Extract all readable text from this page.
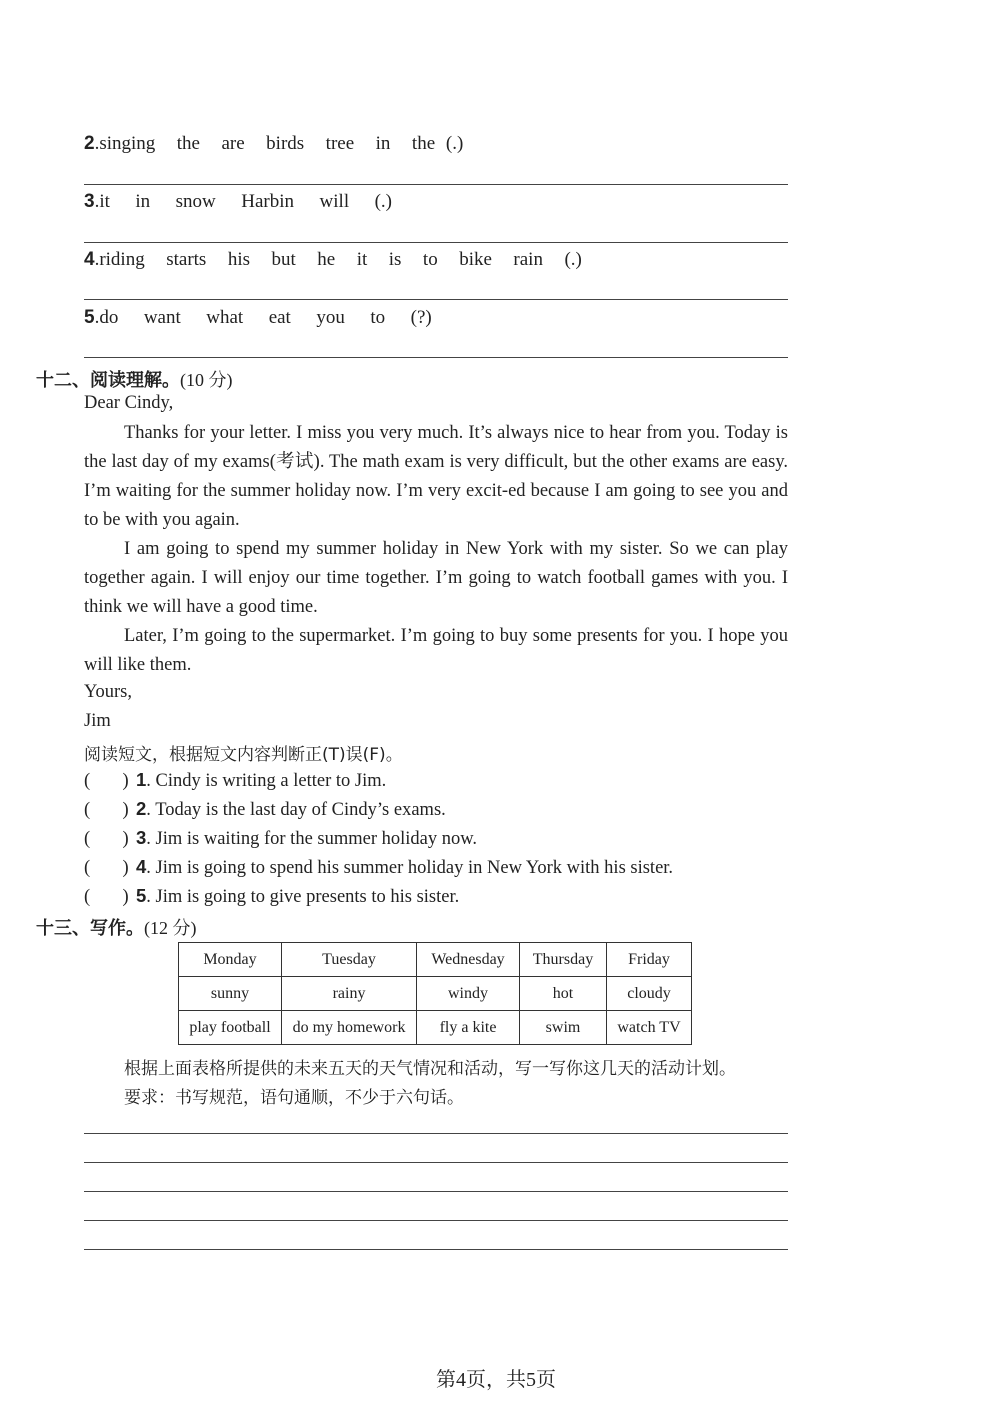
2.singing  the  are  birds  tree  in  the (.)
3.it  in  snow  Harbin  will  (.)
4.riding  starts  his  but  he  it  is  to  bike  rain  (.)
5.do  want  what  eat  you  to  (?)
十二、阅读理解。(10 分)
Dear Cindy,

Thanks for your letter. I miss you very much. It’s always nice to hear from you. Today is the last day of my exams(考试). The math exam is very difficult, but the other exams are easy. I’m waiting for the summer holiday now. I’m very excit-ed because I am going to see you and to be with you again.

I am going to spend my summer holiday in New York with my sister. So we can play together again. I will enjoy our time together. I’m going to watch football games with you. I think we will have a good time.

Later, I’m going to the supermarket. I’m going to buy some presents for you. I hope you will like them.

Yours,
Jim
阅读短文，根据短文内容判断正(T)误(F)。
(       ) 1. Cindy is writing a letter to Jim.
(       ) 2. Today is the last day of Cindy’s exams.
(       ) 3. Jim is waiting for the summer holiday now.
(       ) 4. Jim is going to spend his summer holiday in New York with his sister.
(       ) 5. Jim is going to give presents to his sister.
十三、写作。(12 分)
Monday	Tuesday	Wednesday	Thursday	Friday
sunny	rainy	windy	hot	cloudy
play football	do my homework	fly a kite	swim	watch TV
根据上面表格所提供的未来五天的天气情况和活动，写一写你这几天的活动计划。
要求：书写规范，语句通顺，不少于六句话。
第4页，共5页
